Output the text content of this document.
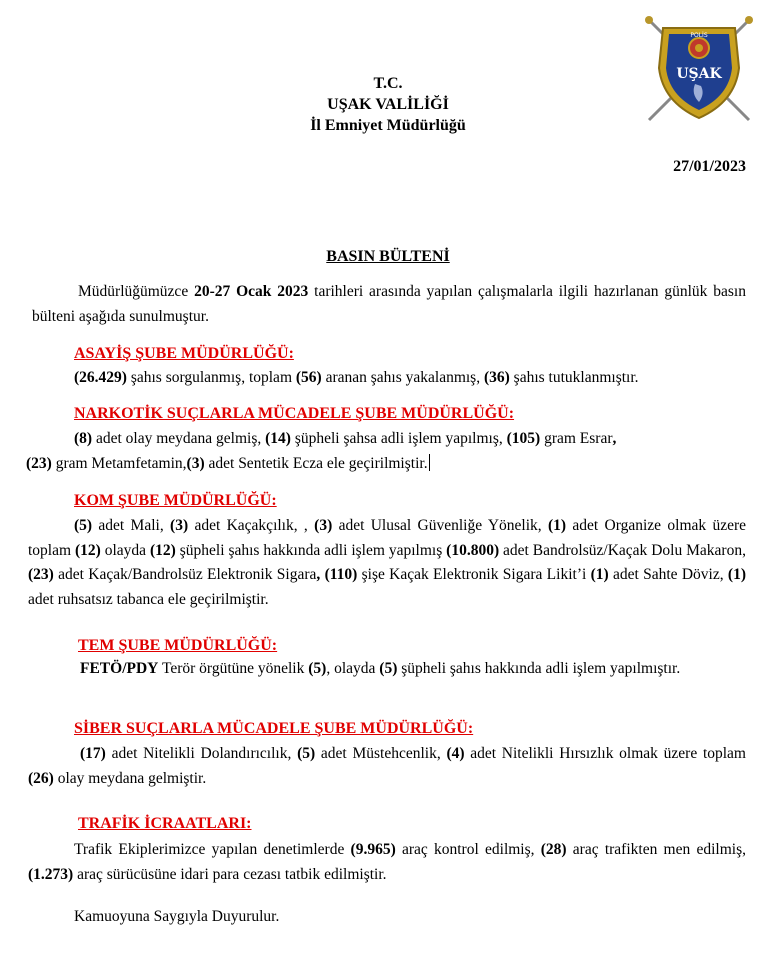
T.C.
UŞAK VALİLİĞİ
İl Emniyet Müdürlüğü
POLİS
UŞAK
27/01/2023
BASIN BÜLTENİ
Müdürlüğümüzce 20-27 Ocak 2023 tarihleri arasında yapılan çalışmalarla ilgili hazırlanan günlük basın bülteni aşağıda sunulmuştur.
ASAYİŞ ŞUBE MÜDÜRLÜĞÜ:
(26.429) şahıs sorgulanmış, toplam (56) aranan şahıs yakalanmış, (36) şahıs tutuklanmıştır.
NARKOTİK SUÇLARLA MÜCADELE ŞUBE MÜDÜRLÜĞÜ:
(8) adet olay meydana gelmiş, (14) şüpheli şahsa adli işlem yapılmış, (105) gram Esrar,
(23) gram Metamfetamin,(3) adet Sentetik Ecza ele geçirilmiştir.
KOM ŞUBE MÜDÜRLÜĞÜ:
(5) adet Mali, (3) adet Kaçakçılık, , (3) adet Ulusal Güvenliğe Yönelik, (1) adet Organize olmak üzere toplam (12) olayda (12) şüpheli şahıs hakkında adli işlem yapılmış (10.800) adet Bandrolsüz/Kaçak Dolu Makaron, (23) adet Kaçak/Bandrolsüz Elektronik Sigara, (110) şişe Kaçak Elektronik Sigara Likit’i (1) adet Sahte Döviz, (1) adet ruhsatsız tabanca ele geçirilmiştir.
TEM ŞUBE MÜDÜRLÜĞÜ:
FETÖ/PDY Terör örgütüne yönelik (5), olayda (5) şüpheli şahıs hakkında adli işlem yapılmıştır.
SİBER SUÇLARLA MÜCADELE ŞUBE MÜDÜRLÜĞÜ:
(17) adet Nitelikli Dolandırıcılık, (5) adet Müstehcenlik, (4) adet Nitelikli Hırsızlık olmak üzere toplam (26) olay meydana gelmiştir.
TRAFİK İCRAATLARI:
Trafik Ekiplerimizce yapılan denetimlerde (9.965) araç kontrol edilmiş, (28) araç trafikten men edilmiş, (1.273) araç sürücüsüne idari para cezası tatbik edilmiştir.
Kamuoyuna Saygıyla Duyurulur.
